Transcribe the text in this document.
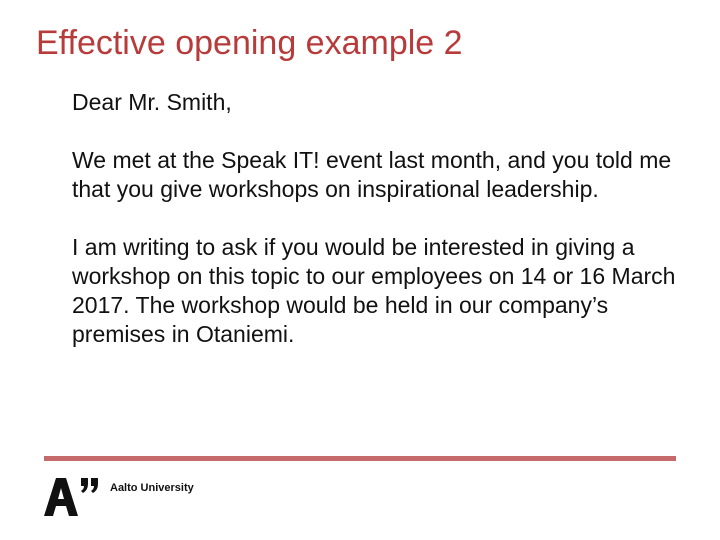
Effective opening example 2

Dear Mr. Smith,

We met at the Speak IT! event last month, and you told me that you give workshops on inspirational leadership.

I am writing to ask if you would be interested in giving a workshop on this topic to our employees on 14 or 16 March 2017. The workshop would be held in our company’s premises in Otaniemi.

Aalto University
